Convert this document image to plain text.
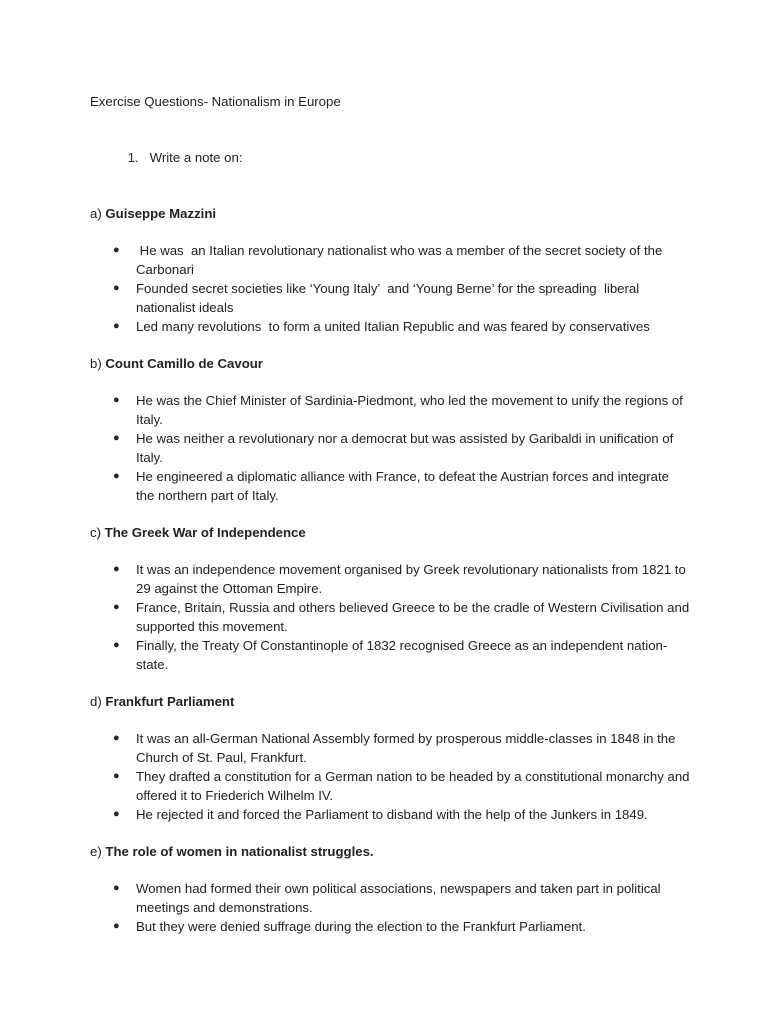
Exercise Questions- Nationalism in Europe

1. Write a note on:

a) Guiseppe Mazzini
● He was  an Italian revolutionary nationalist who was a member of the secret society of the Carbonari
● Founded secret societies like ‘Young Italy’  and ‘Young Berne’ for the spreading  liberal nationalist ideals
● Led many revolutions  to form a united Italian Republic and was feared by conservatives
b) Count Camillo de Cavour
● He was the Chief Minister of Sardinia-Piedmont, who led the movement to unify the regions of Italy.
● He was neither a revolutionary nor a democrat but was assisted by Garibaldi in unification of Italy.
● He engineered a diplomatic alliance with France, to defeat the Austrian forces and integrate the northern part of Italy.
c) The Greek War of Independence
● It was an independence movement organised by Greek revolutionary nationalists from 1821 to 29 against the Ottoman Empire.
● France, Britain, Russia and others believed Greece to be the cradle of Western Civilisation and supported this movement.
● Finally, the Treaty Of Constantinople of 1832 recognised Greece as an independent nation-state.
d) Frankfurt Parliament
● It was an all-German National Assembly formed by prosperous middle-classes in 1848 in the Church of St. Paul, Frankfurt.
● They drafted a constitution for a German nation to be headed by a constitutional monarchy and offered it to Friederich Wilhelm IV.
● He rejected it and forced the Parliament to disband with the help of the Junkers in 1849.
e) The role of women in nationalist struggles.
● Women had formed their own political associations, newspapers and taken part in political meetings and demonstrations.
● But they were denied suffrage during the election to the Frankfurt Parliament.
